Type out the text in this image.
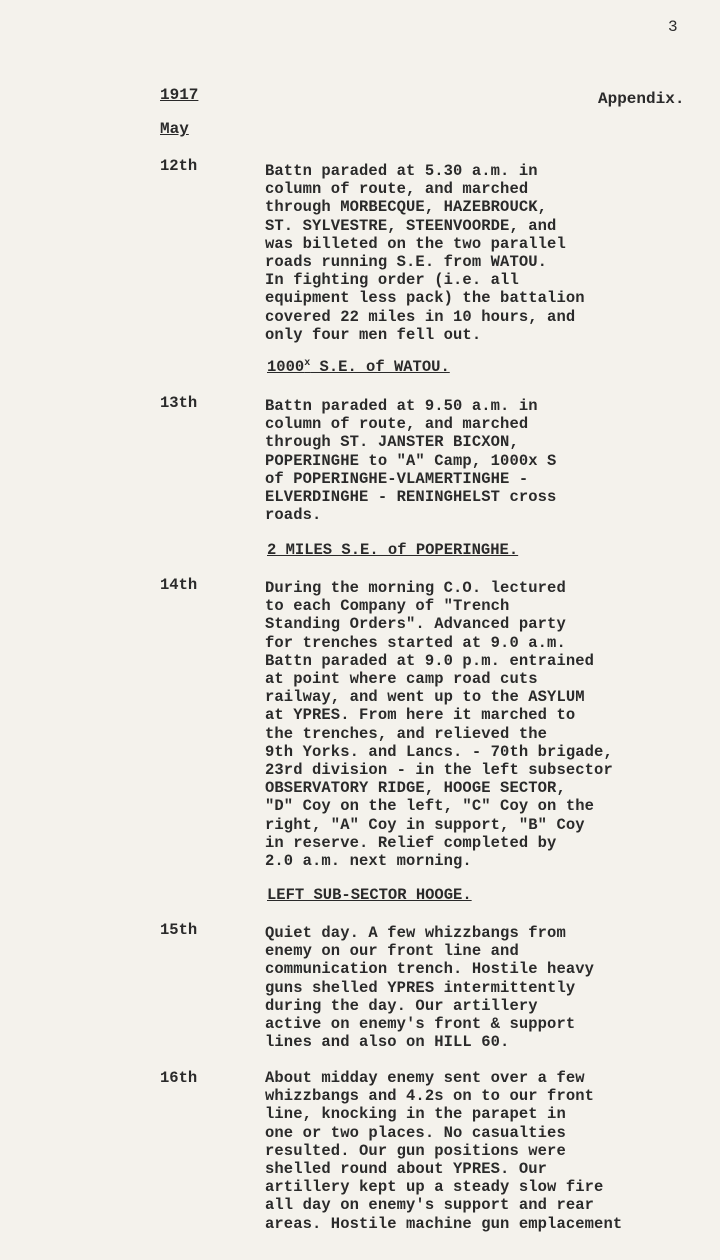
3
1917	Appendix.
May
12th	Battn paraded at 5.30 a.m. in
column of route, and marched
through MORBECQUE, HAZEBROUCK,
ST. SYLVESTRE, STEENVOORDE, and
was billeted on the two parallel
roads running S.E. from WATOU.
In fighting order (i.e. all
equipment less pack) the battalion
covered 22 miles in 10 hours, and
only four men fell out.
1000$^x$ S.E. of WATOU.
13th	Battn paraded at 9.50 a.m. in
column of route, and marched
through ST. JANSTER BICXON,
POPERINGHE to "A" Camp, 1000x S
of POPERINGHE-VLAMERTINGHE -
ELVERDINGHE - RENINGHELST cross
roads.
2 MILES S.E. of POPERINGHE.
14th	During the morning C.O. lectured
to each Company of "Trench
Standing Orders". Advanced party
for trenches started at 9.0 a.m.
Battn paraded at 9.0 p.m. entrained
at point where camp road cuts
railway, and went up to the ASYLUM
at YPRES. From here it marched to
the trenches, and relieved the
9th Yorks. and Lancs. - 70th brigade,
23rd division - in the left subsector
OBSERVATORY RIDGE, HOOGE SECTOR,
"D" Coy on the left, "C" Coy on the
right, "A" Coy in support, "B" Coy
in reserve. Relief completed by
2.0 a.m. next morning.
LEFT SUB-SECTOR HOOGE.
15th	Quiet day. A few whizzbangs from
enemy on our front line and
communication trench. Hostile heavy
guns shelled YPRES intermittently
during the day. Our artillery
active on enemy's front & support
lines and also on HILL 60.
16th	About midday enemy sent over a few
whizzbangs and 4.2s on to our front
line, knocking in the parapet in
one or two places. No casualties
resulted. Our gun positions were
shelled round about YPRES. Our
artillery kept up a steady slow fire
all day on enemy's support and rear
areas. Hostile machine gun emplacement
